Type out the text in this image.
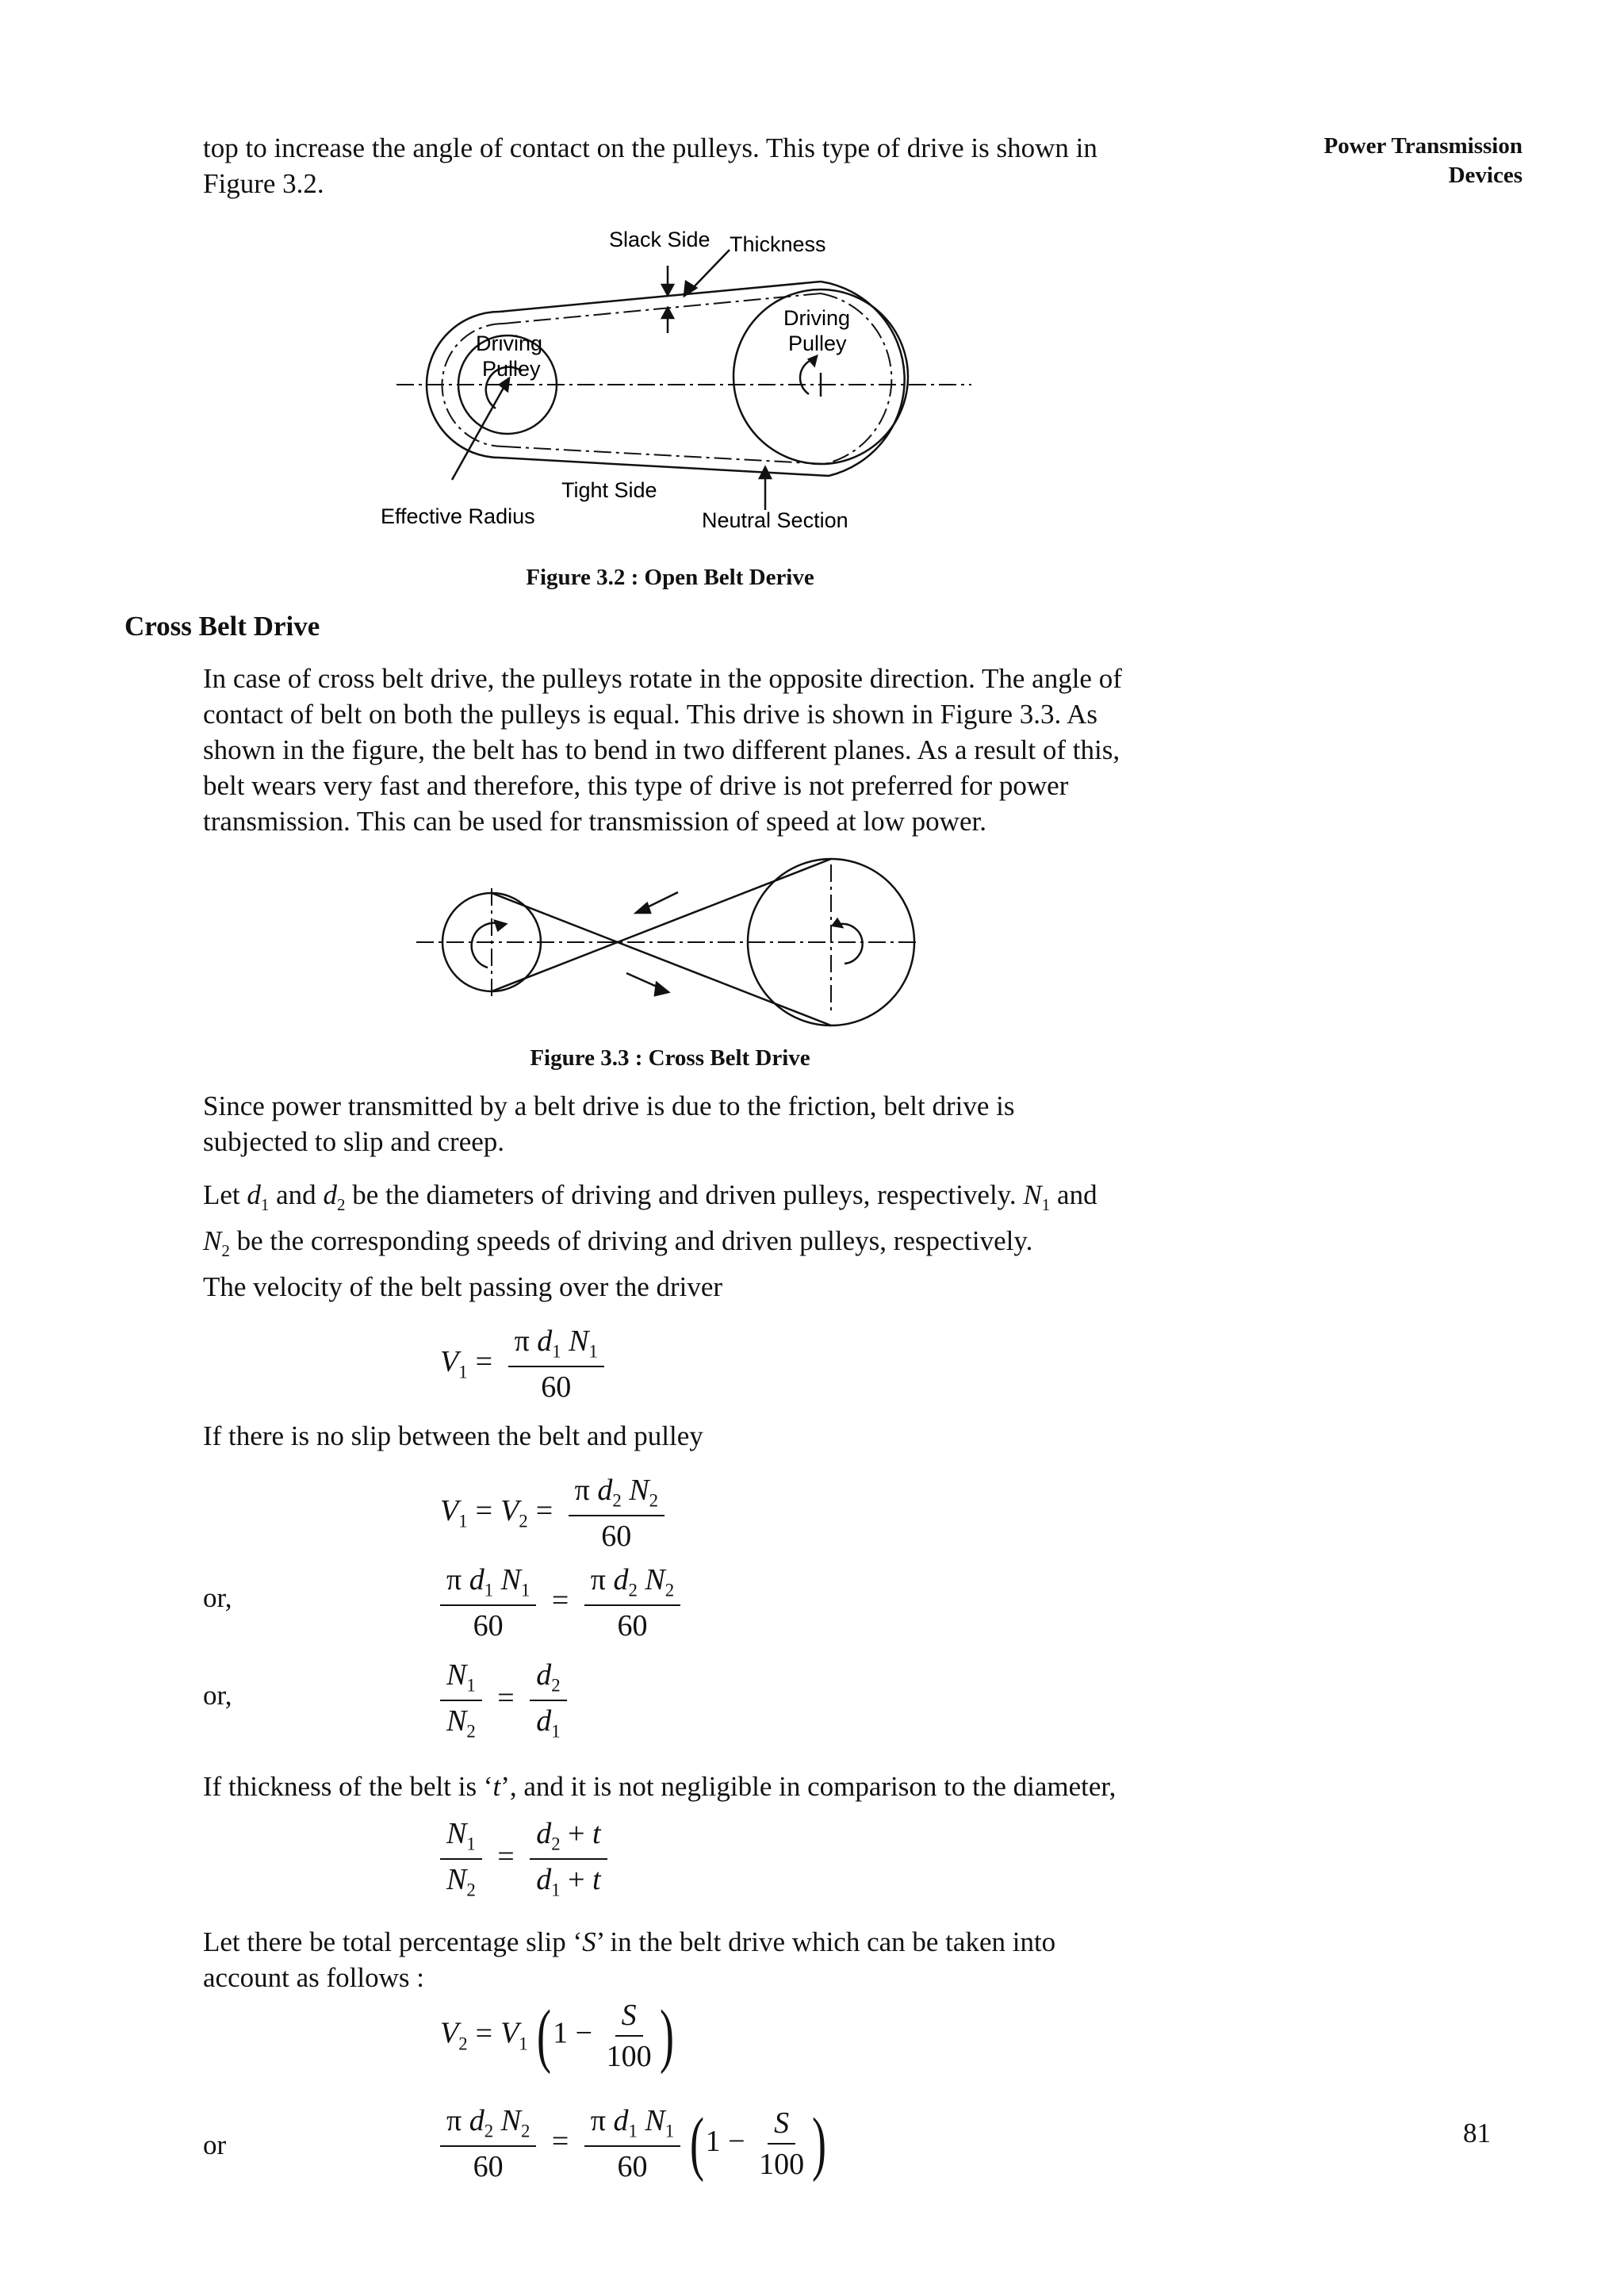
Power Transmission
Devices
top to increase the angle of contact on the pulleys. This type of drive is shown in
Figure 3.2.
Slack Side Thickness
Driving
Pulley
Driving
Pulley
Tight Side
Effective Radius	Neutral Section
Figure 3.2 : Open Belt Derive
Cross Belt Drive
In case of cross belt drive, the pulleys rotate in the opposite direction. The angle of
contact of belt on both the pulleys is equal. This drive is shown in Figure 3.3. As
shown in the figure, the belt has to bend in two different planes. As a result of this,
belt wears very fast and therefore, this type of drive is not preferred for power
transmission. This can be used for transmission of speed at low power.
Figure 3.3 : Cross Belt Drive
Since power transmitted by a belt drive is due to the friction, belt drive is
subjected to slip and creep.
Let $d_1$ and $d_2$ be the diameters of driving and driven pulleys, respectively. $N_1$ and
$N_2$ be the corresponding speeds of driving and driven pulleys, respectively.
The velocity of the belt passing over the driver
$V_1 = \frac{\pi d_1 N_1}{60}$
If there is no slip between the belt and pulley
$V_1 = V_2 = \frac{\pi d_2 N_2}{60}$
or,	$\frac{\pi d_1 N_1}{60} = \frac{\pi d_2 N_2}{60}$
or,	$\frac{N_1}{N_2} = \frac{d_2}{d_1}$
If thickness of the belt is ‘t’, and it is not negligible in comparison to the diameter,
$\frac{N_1}{N_2} = \frac{d_2 + t}{d_1 + t}$
Let there be total percentage slip ‘S’ in the belt drive which can be taken into
account as follows :
$V_2 = V_1$ ($1 - \frac{S}{100}$ )
or	$\frac{\pi d_2 N_2}{60} = \frac{\pi d_1 N_1}{60} (1 - \frac{S}{100}$ )	81
